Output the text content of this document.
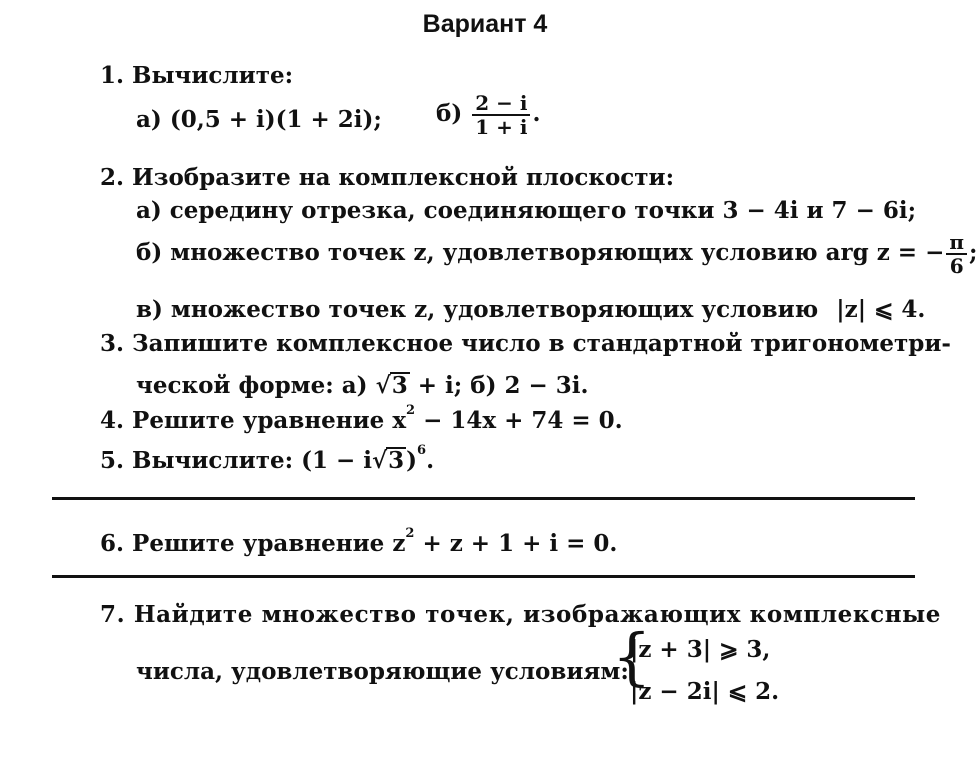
Вариант 4
1. Вычислите:
а) (0,5 + i)(1 + 2i); $б) \frac{2 - i}{1 + i}$ .
2. Изобразите на комплексной плоскости:
а) середину отрезка, соединяющего точки 3 − 4i и 7 − 6i;
б) множество точек z, удовлетворяющих условию arg z = − $\frac{\pi}{6}$ ;
в) множество точек z, удовлетворяющих условию |z| ⩽ 4.
3. Запишите комплексное число в стандартной тригонометри-
ческой форме: а) √3 + i; б) 2 − 3i.
4. Решите уравнение $x^2 - 14x + 74 = 0$.
5. Вычислите: $(1 - i√3)^6$.
6. Решите уравнение $z^2 + z + 1 + i = 0$.
7. Найдите множество точек, изображающих комплексные
числа, удовлетворяющие условиям:
{
|z + 3| ⩾ 3,
|z − 2i| ⩽ 2.
